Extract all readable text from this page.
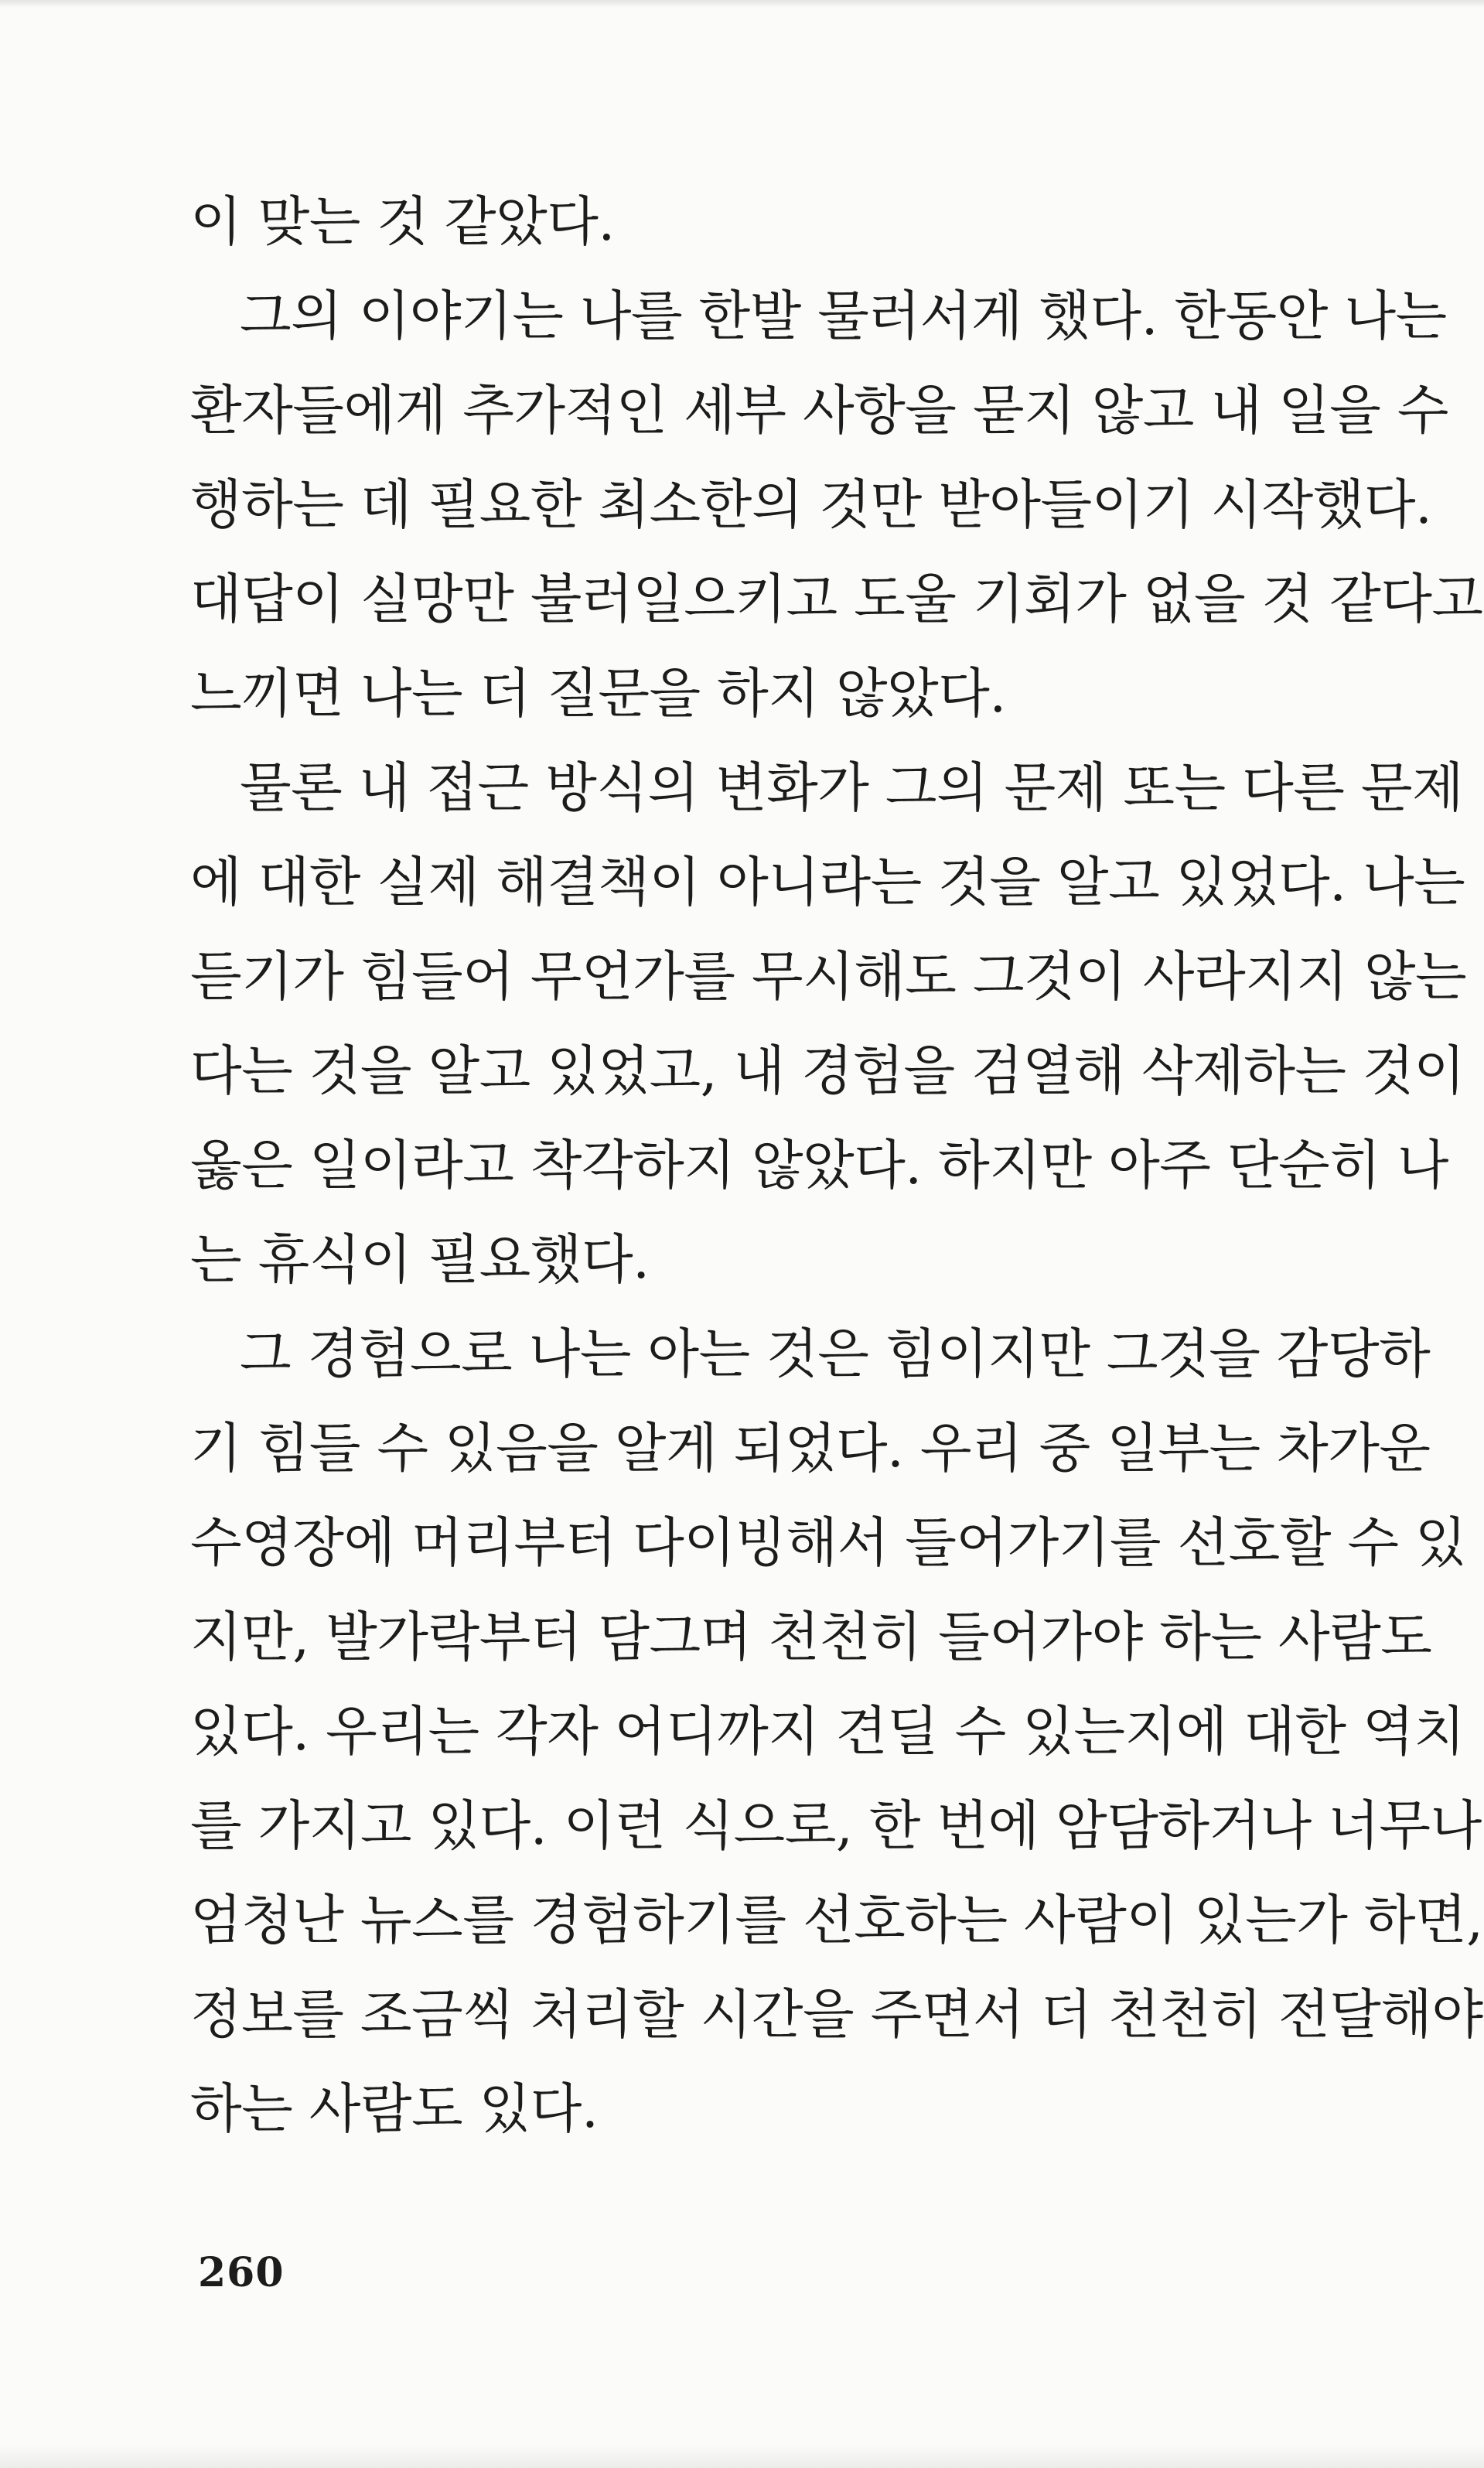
이 맞는 것 같았다.
그의 이야기는 나를 한발 물러서게 했다. 한동안 나는
환자들에게 추가적인 세부 사항을 묻지 않고 내 일을 수
행하는 데 필요한 최소한의 것만 받아들이기 시작했다.
대답이 실망만 불러일으키고 도울 기회가 없을 것 같다고
느끼면 나는 더 질문을 하지 않았다.
물론 내 접근 방식의 변화가 그의 문제 또는 다른 문제
에 대한 실제 해결책이 아니라는 것을 알고 있었다. 나는
듣기가 힘들어 무언가를 무시해도 그것이 사라지지 않는
다는 것을 알고 있었고, 내 경험을 검열해 삭제하는 것이
옳은 일이라고 착각하지 않았다. 하지만 아주 단순히 나
는 휴식이 필요했다.
그 경험으로 나는 아는 것은 힘이지만 그것을 감당하
기 힘들 수 있음을 알게 되었다. 우리 중 일부는 차가운
수영장에 머리부터 다이빙해서 들어가기를 선호할 수 있
지만, 발가락부터 담그며 천천히 들어가야 하는 사람도
있다. 우리는 각자 어디까지 견딜 수 있는지에 대한 역치
를 가지고 있다. 이런 식으로, 한 번에 암담하거나 너무나
엄청난 뉴스를 경험하기를 선호하는 사람이 있는가 하면,
정보를 조금씩 처리할 시간을 주면서 더 천천히 전달해야
하는 사람도 있다.
260
